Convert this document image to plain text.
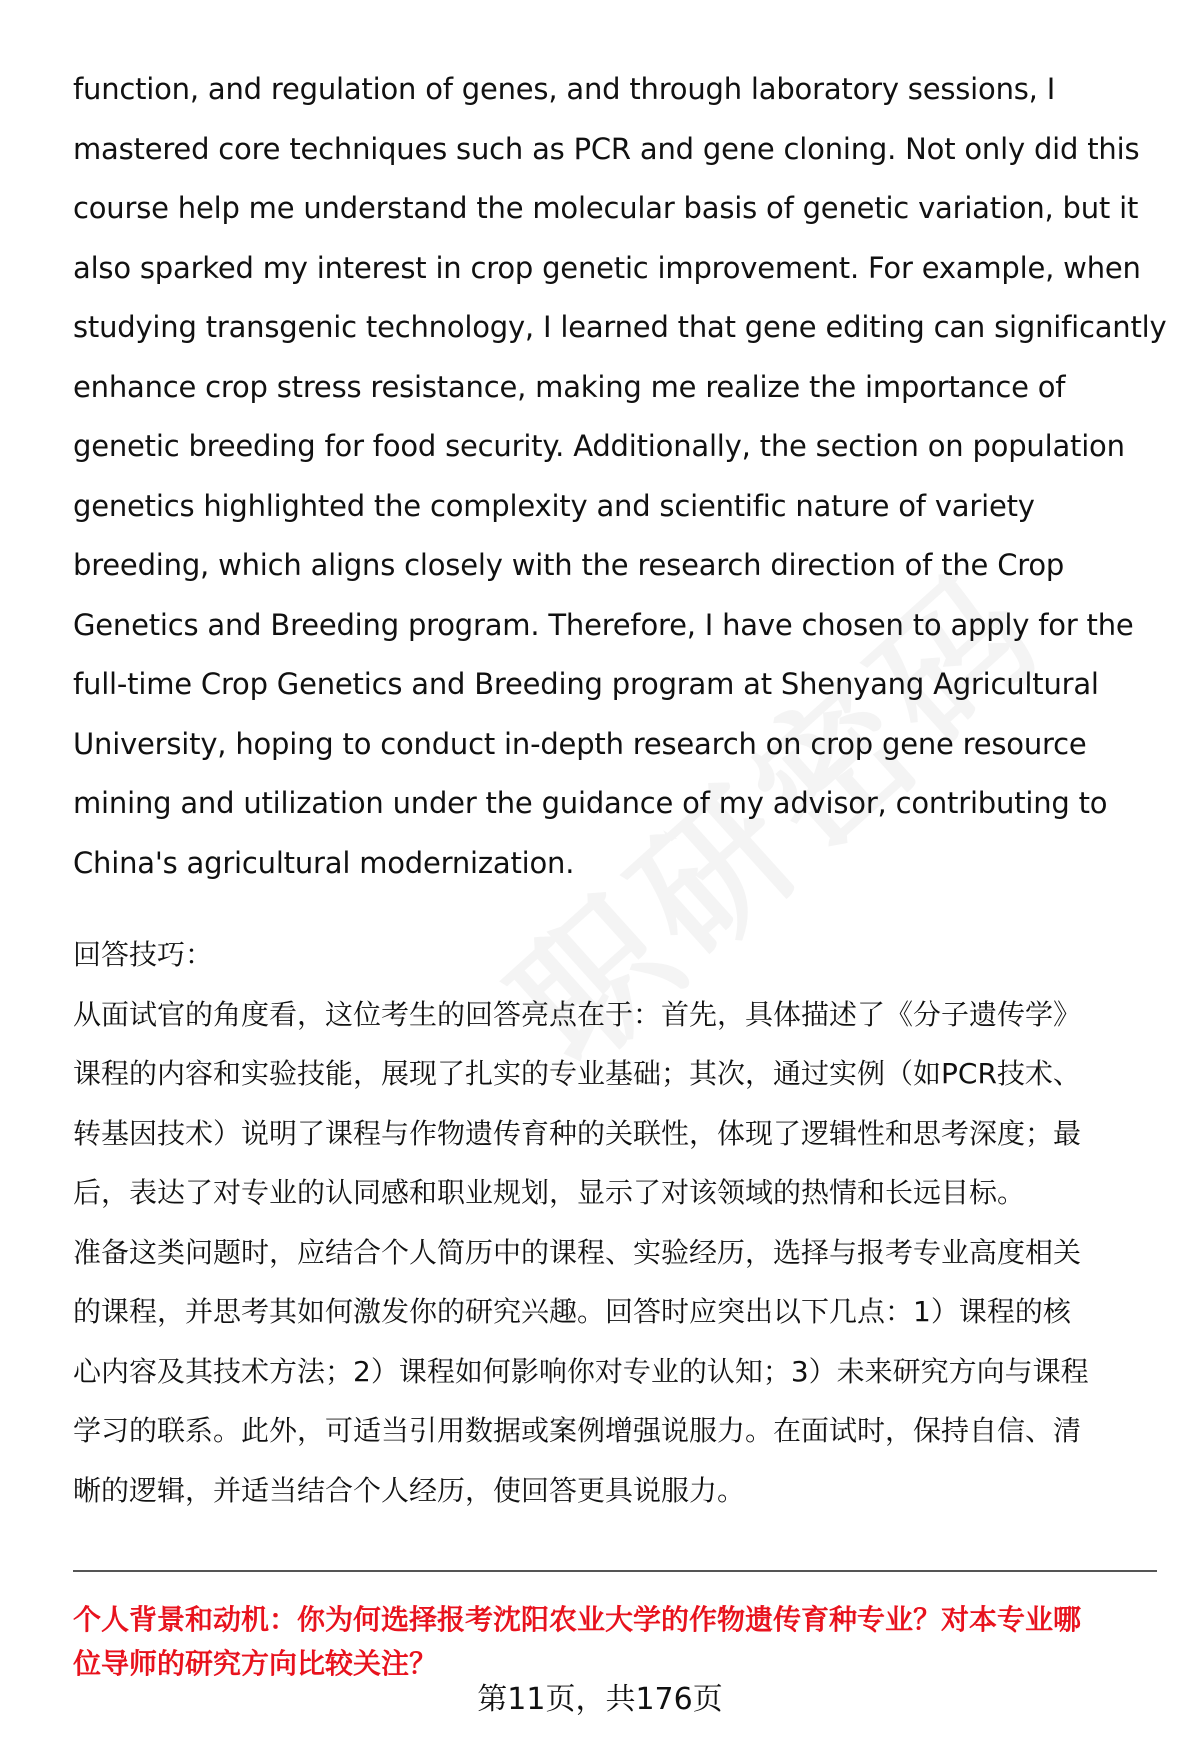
function, and regulation of genes, and through laboratory sessions, I
mastered core techniques such as PCR and gene cloning. Not only did this
course help me understand the molecular basis of genetic variation, but it
also sparked my interest in crop genetic improvement. For example, when
studying transgenic technology, I learned that gene editing can significantly
enhance crop stress resistance, making me realize the importance of
genetic breeding for food security. Additionally, the section on population
genetics highlighted the complexity and scientific nature of variety
breeding, which aligns closely with the research direction of the Crop
Genetics and Breeding program. Therefore, I have chosen to apply for the
full-time Crop Genetics and Breeding program at Shenyang Agricultural
University, hoping to conduct in-depth research on crop gene resource
mining and utilization under the guidance of my advisor, contributing to
China's agricultural modernization.
回答技巧：
从面试官的角度看，这位考生的回答亮点在于：首先，具体描述了《分子遗传学》
课程的内容和实验技能，展现了扎实的专业基础；其次，通过实例（如PCR技术、
转基因技术）说明了课程与作物遗传育种的关联性，体现了逻辑性和思考深度；最
后，表达了对专业的认同感和职业规划，显示了对该领域的热情和长远目标。
准备这类问题时，应结合个人简历中的课程、实验经历，选择与报考专业高度相关
的课程，并思考其如何激发你的研究兴趣。回答时应突出以下几点：1）课程的核
心内容及其技术方法；2）课程如何影响你对专业的认知；3）未来研究方向与课程
学习的联系。此外，可适当引用数据或案例增强说服力。在面试时，保持自信、清
晰的逻辑，并适当结合个人经历，使回答更具说服力。
个人背景和动机：你为何选择报考沈阳农业大学的作物遗传育种专业？对本专业哪
位导师的研究方向比较关注？
第11页，共176页
